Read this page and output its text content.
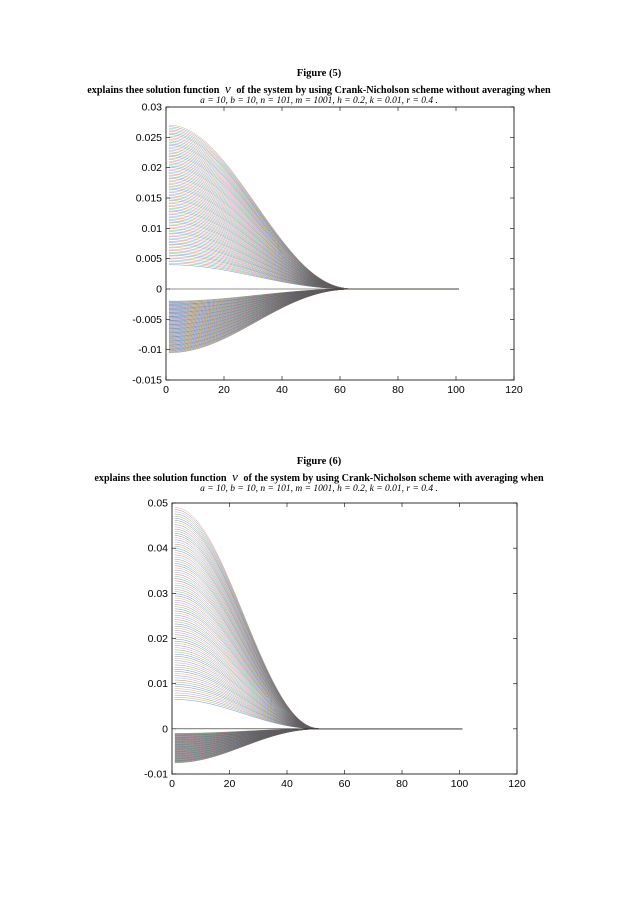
Figure (5)
explains thee solution function v of the system by using Crank-Nicholson scheme without averaging when
a = 10, b = 10, n = 101, m = 1001, h = 0.2, k = 0.01, r = 0.4 .
0	20	40	60	80	100	120
-0.015
-0.01
-0.005
0
0.005
0.01
0.015
0.02
0.025
0.03
0	20	40	60	80	100	120
-0.01
0
0.01
0.02
0.03
0.04
0.05
Figure (6)
explains thee solution function v of the system by using Crank-Nicholson scheme with averaging when
a = 10, b = 10, n = 101, m = 1001, h = 0.2, k = 0.01, r = 0.4 .
